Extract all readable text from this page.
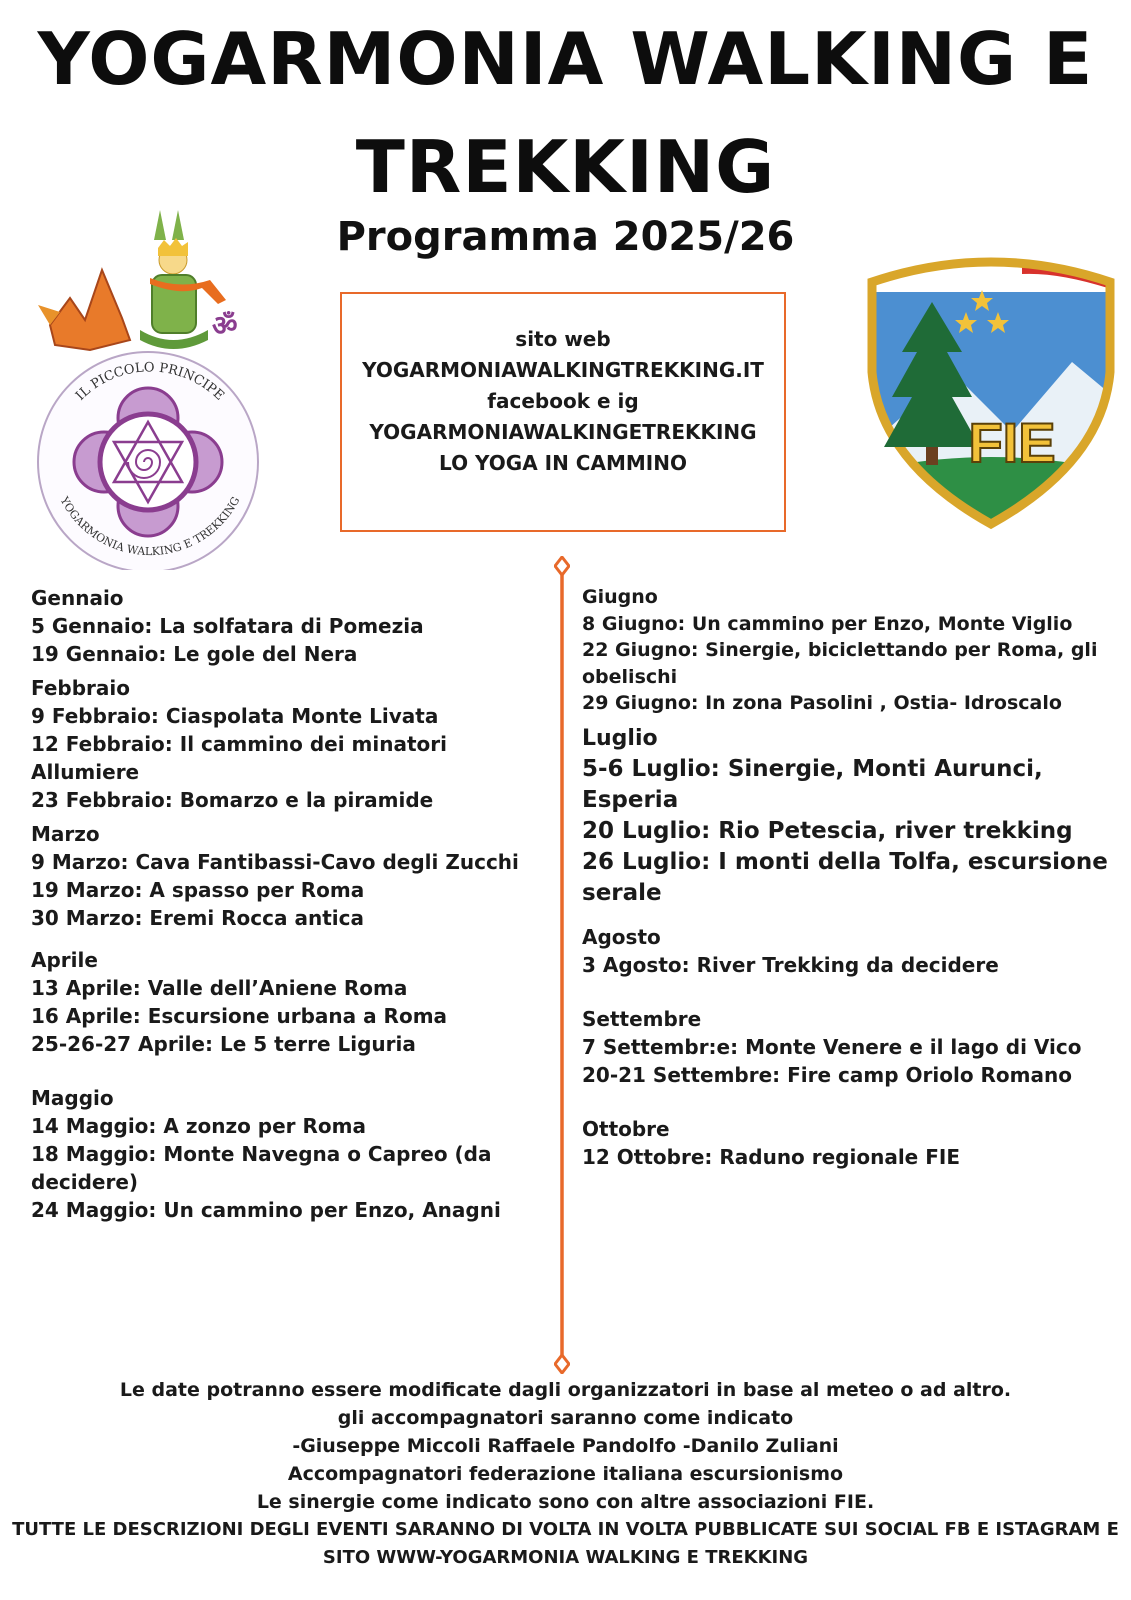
YOGARMONIA WALKING E
TREKKING
Programma 2025/26
ॐ
IL PICCOLO PRINCIPE
YOGARMONIA WALKING E TREKKING
sito web
YOGARMONIAWALKINGTREKKING.IT
facebook e ig
YOGARMONIAWALKINGETREKKING
LO YOGA IN CAMMINO	FIE
Gennaio
5 Gennaio: La solfatara di Pomezia
19 Gennaio: Le gole del Nera
Febbraio
9 Febbraio: Ciaspolata Monte Livata
12 Febbraio: Il cammino dei minatori Allumiere
23 Febbraio: Bomarzo e la piramide
Marzo
9 Marzo: Cava Fantibassi-Cavo degli Zucchi
19 Marzo: A spasso per Roma
30 Marzo: Eremi Rocca antica
Aprile
13 Aprile: Valle dell’Aniene Roma
16 Aprile: Escursione urbana a Roma
25-26-27 Aprile: Le 5 terre Liguria
Maggio
14 Maggio: A zonzo per Roma
18 Maggio: Monte Navegna o Capreo (da decidere)
24 Maggio: Un cammino per Enzo, Anagni
Giugno
8 Giugno: Un cammino per Enzo, Monte Viglio
22 Giugno: Sinergie, biciclettando per Roma, gli obelischi
29 Giugno: In zona Pasolini , Ostia- Idroscalo
Luglio
5-6 Luglio: Sinergie, Monti Aurunci, Esperia
20 Luglio: Rio Petescia, river trekking
26 Luglio: I monti della Tolfa, escursione serale
Agosto
3 Agosto: River Trekking da decidere
Settembre
7 Settembr:e: Monte Venere e il lago di Vico
20-21 Settembre: Fire camp Oriolo Romano
Ottobre
12 Ottobre: Raduno regionale FIE
Le date potranno essere modificate dagli organizzatori in base al meteo o ad altro.
gli accompagnatori saranno come indicato
-Giuseppe Miccoli Raffaele Pandolfo -Danilo Zuliani
Accompagnatori federazione italiana escursionismo
Le sinergie come indicato sono con altre associazioni FIE.
TUTTE LE DESCRIZIONI DEGLI EVENTI SARANNO DI VOLTA IN VOLTA PUBBLICATE SUI SOCIAL FB E ISTAGRAM E
SITO WWW-YOGARMONIA WALKING E TREKKING
